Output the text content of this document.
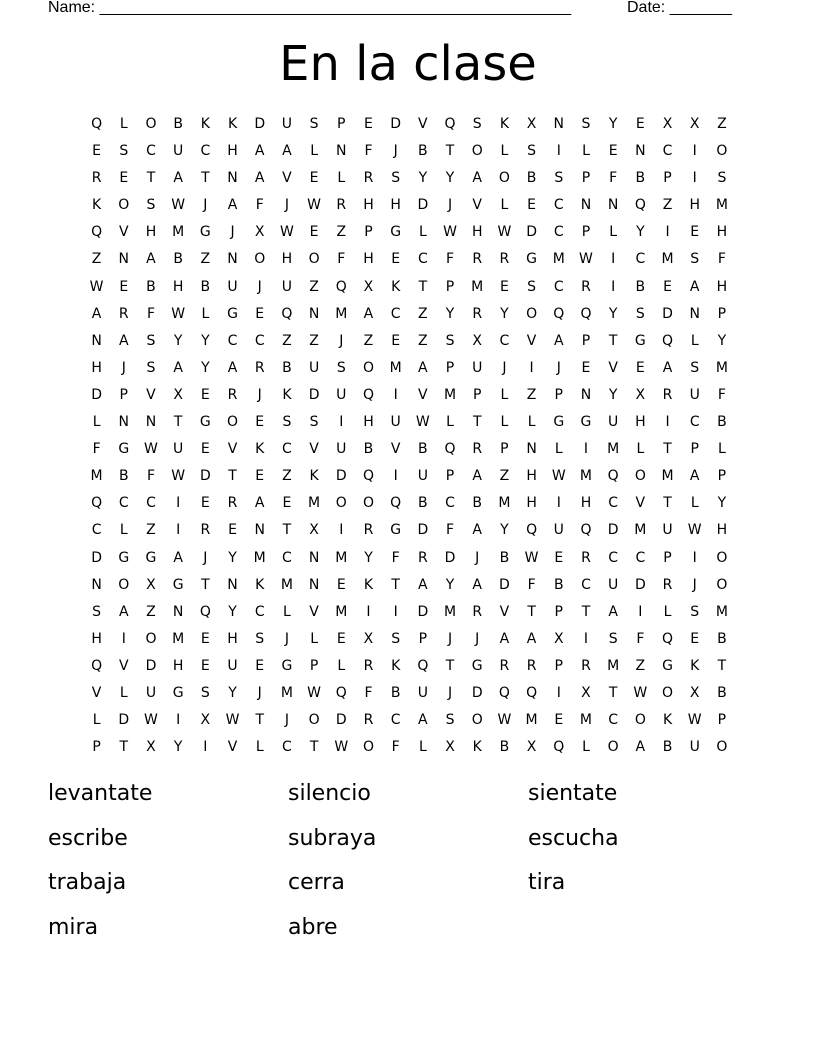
Name: _____________________________________________________	Date: _______
En la clase
Q	L	O	B	K	K	D	U	S	P	E	D	V	Q	S	K	X	N	S	Y	E	X	X	Z
E	S	C	U	C	H	A	A	L	N	F	J	B	T	O	L	S	I	L	E	N	C	I	O
R	E	T	A	T	N	A	V	E	L	R	S	Y	Y	A	O	B	S	P	F	B	P	I	S
K	O	S	W	J	A	F	J	W	R	H	H	D	J	V	L	E	C	N	N	Q	Z	H	M
Q	V	H	M	G	J	X	W	E	Z	P	G	L	W	H	W	D	C	P	L	Y	I	E	H
Z	N	A	B	Z	N	O	H	O	F	H	E	C	F	R	R	G	M	W	I	C	M	S	F
W	E	B	H	B	U	J	U	Z	Q	X	K	T	P	M	E	S	C	R	I	B	E	A	H
A	R	F	W	L	G	E	Q	N	M	A	C	Z	Y	R	Y	O	Q	Q	Y	S	D	N	P
N	A	S	Y	Y	C	C	Z	Z	J	Z	E	Z	S	X	C	V	A	P	T	G	Q	L	Y
H	J	S	A	Y	A	R	B	U	S	O	M	A	P	U	J	I	J	E	V	E	A	S	M
D	P	V	X	E	R	J	K	D	U	Q	I	V	M	P	L	Z	P	N	Y	X	R	U	F
L	N	N	T	G	O	E	S	S	I	H	U	W	L	T	L	L	G	G	U	H	I	C	B
F	G	W	U	E	V	K	C	V	U	B	V	B	Q	R	P	N	L	I	M	L	T	P	L
M	B	F	W	D	T	E	Z	K	D	Q	I	U	P	A	Z	H	W	M	Q	O	M	A	P
Q	C	C	I	E	R	A	E	M	O	O	Q	B	C	B	M	H	I	H	C	V	T	L	Y
C	L	Z	I	R	E	N	T	X	I	R	G	D	F	A	Y	Q	U	Q	D	M	U	W	H
D	G	G	A	J	Y	M	C	N	M	Y	F	R	D	J	B	W	E	R	C	C	P	I	O
N	O	X	G	T	N	K	M	N	E	K	T	A	Y	A	D	F	B	C	U	D	R	J	O
S	A	Z	N	Q	Y	C	L	V	M	I	I	D	M	R	V	T	P	T	A	I	L	S	M
H	I	O	M	E	H	S	J	L	E	X	S	P	J	J	A	A	X	I	S	F	Q	E	B
Q	V	D	H	E	U	E	G	P	L	R	K	Q	T	G	R	R	P	R	M	Z	G	K	T
V	L	U	G	S	Y	J	M	W	Q	F	B	U	J	D	Q	Q	I	X	T	W	O	X	B
L	D	W	I	X	W	T	J	O	D	R	C	A	S	O	W	M	E	M	C	O	K	W	P
P	T	X	Y	I	V	L	C	T	W	O	F	L	X	K	B	X	Q	L	O	A	B	U	O
levantate	silencio	sientate
escribe	subraya	escucha
trabaja	cerra	tira
mira	abre
